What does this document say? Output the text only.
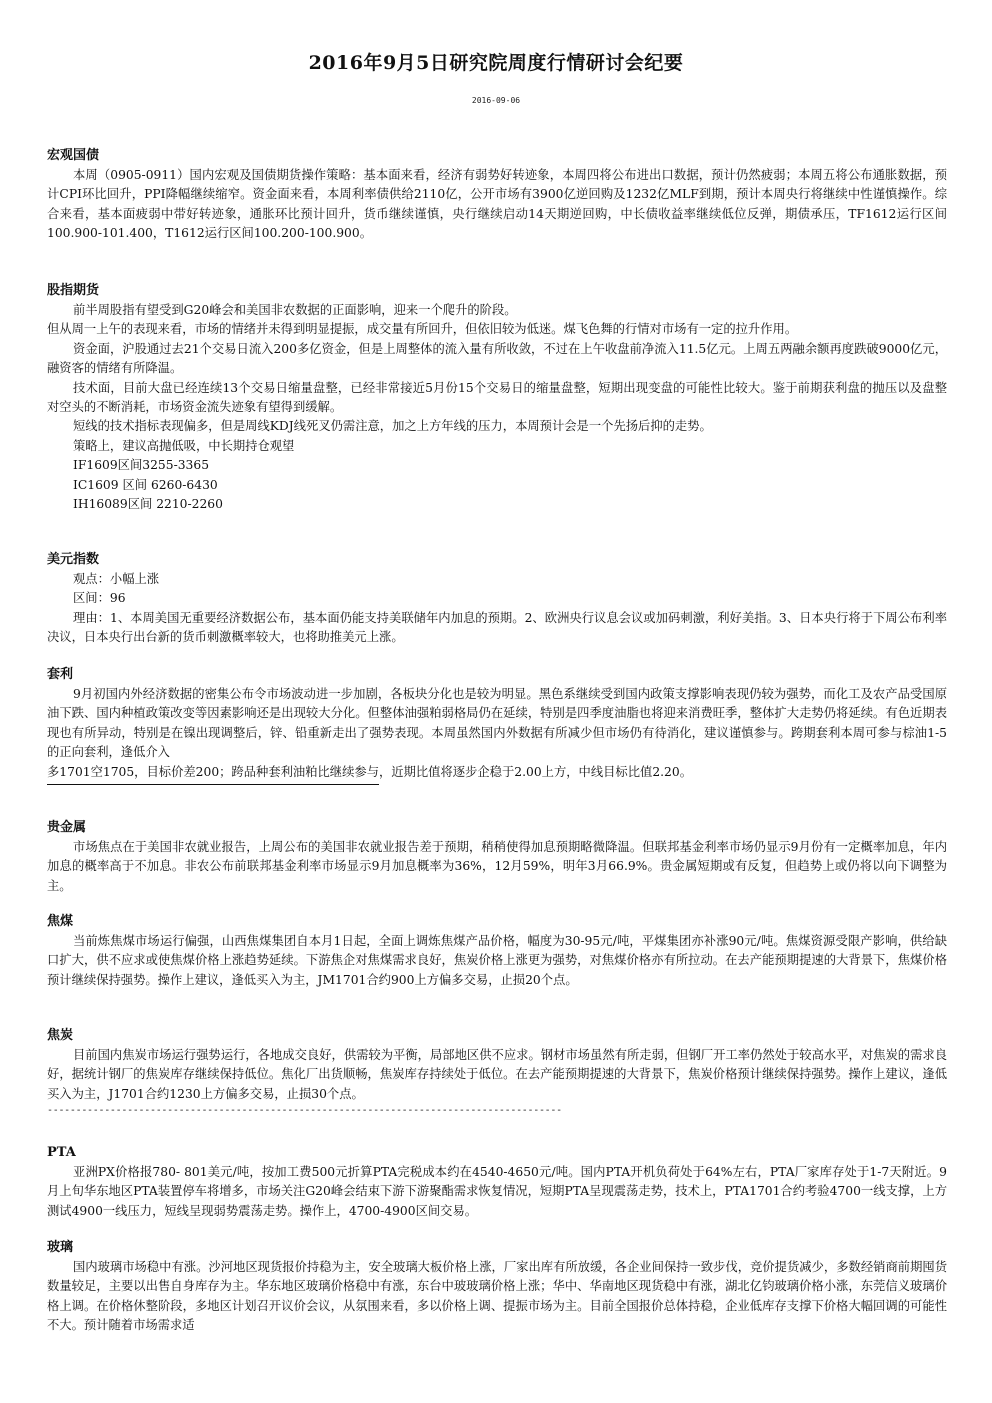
2016年9月5日研究院周度行情研讨会纪要
2016-09-06

宏观国债

本周（0905-0911）国内宏观及国债期货操作策略：基本面来看，经济有弱势好转迹象，本周四将公布进出口数据，预计仍然疲弱；本周五将公布通胀数据，预计CPI环比回升，PPI降幅继续缩窄。资金面来看，本周利率债供给2110亿，公开市场有3900亿逆回购及1232亿MLF到期，预计本周央行将继续中性谨慎操作。综合来看，基本面疲弱中带好转迹象，通胀环比预计回升，货币继续谨慎，央行继续启动14天期逆回购，中长债收益率继续低位反弹，期债承压，TF1612运行区间100.900-101.400，T1612运行区间100.200-100.900。

股指期货

前半周股指有望受到G20峰会和美国非农数据的正面影响，迎来一个爬升的阶段。

但从周一上午的表现来看，市场的情绪并未得到明显提振，成交量有所回升，但依旧较为低迷。煤飞色舞的行情对市场有一定的拉升作用。

资金面，沪股通过去21个交易日流入200多亿资金，但是上周整体的流入量有所收敛，不过在上午收盘前净流入11.5亿元。上周五两融余额再度跌破9000亿元，融资客的情绪有所降温。

技术面，目前大盘已经连续13个交易日缩量盘整，已经非常接近5月份15个交易日的缩量盘整，短期出现变盘的可能性比较大。鉴于前期获利盘的抛压以及盘整对空头的不断消耗，市场资金流失迹象有望得到缓解。

短线的技术指标表现偏多，但是周线KDJ线死叉仍需注意，加之上方年线的压力，本周预计会是一个先扬后抑的走势。

策略上，建议高抛低吸，中长期持仓观望

IF1609区间3255-3365

IC1609 区间 6260-6430

IH16089区间 2210-2260

美元指数

观点：小幅上涨

区间：96

理由：1、本周美国无重要经济数据公布，基本面仍能支持美联储年内加息的预期。2、欧洲央行议息会议或加码刺激，利好美指。3、日本央行将于下周公布利率决议，日本央行出台新的货币刺激概率较大，也将助推美元上涨。

套利

9月初国内外经济数据的密集公布令市场波动进一步加剧，各板块分化也是较为明显。黑色系继续受到国内政策支撑影响表现仍较为强势，而化工及农产品受国原油下跌、国内种植政策改变等因素影响还是出现较大分化。但整体油强粕弱格局仍在延续，特别是四季度油脂也将迎来消费旺季，整体扩大走势仍将延续。有色近期表现也有所异动，特别是在镍出现调整后，锌、铅重新走出了强势表现。本周虽然国内外数据有所减少但市场仍有待消化，建议谨慎参与。跨期套利本周可参与棕油1-5的正向套利，逢低介入

多1701空1705，目标价差200；跨品种套利油粕比继续参与，近期比值将逐步企稳于2.00上方，中线目标比值2.20。

贵金属

市场焦点在于美国非农就业报告，上周公布的美国非农就业报告差于预期，稍稍使得加息预期略微降温。但联邦基金利率市场仍显示9月份有一定概率加息，年内加息的概率高于不加息。非农公布前联邦基金利率市场显示9月加息概率为36%，12月59%，明年3月66.9%。贵金属短期或有反复，但趋势上或仍将以向下调整为主。

焦煤

当前炼焦煤市场运行偏强，山西焦煤集团自本月1日起，全面上调炼焦煤产品价格，幅度为30-95元/吨，平煤集团亦补涨90元/吨。焦煤资源受限产影响，供给缺口扩大，供不应求或使焦煤价格上涨趋势延续。下游焦企对焦煤需求良好，焦炭价格上涨更为强势，对焦煤价格亦有所拉动。在去产能预期提速的大背景下，焦煤价格预计继续保持强势。操作上建议，逢低买入为主，JM1701合约900上方偏多交易，止损20个点。

焦炭

目前国内焦炭市场运行强势运行，各地成交良好，供需较为平衡，局部地区供不应求。钢材市场虽然有所走弱，但钢厂开工率仍然处于较高水平，对焦炭的需求良好，据统计钢厂的焦炭库存继续保持低位。焦化厂出货顺畅，焦炭库存持续处于低位。在去产能预期提速的大背景下，焦炭价格预计继续保持强势。操作上建议，逢低买入为主，J1701合约1230上方偏多交易，止损30个点。

------------------------------------------------------------------------------------------

PTA

亚洲PX价格报780- 801美元/吨，按加工费500元折算PTA完税成本约在4540-4650元/吨。国内PTA开机负荷处于64%左右，PTA厂家库存处于1-7天附近。9月上旬华东地区PTA装置停车将增多，市场关注G20峰会结束下游下游聚酯需求恢复情况，短期PTA呈现震荡走势，技术上，PTA1701合约考验4700一线支撑，上方测试4900一线压力，短线呈现弱势震荡走势。操作上，4700-4900区间交易。

玻璃

国内玻璃市场稳中有涨。沙河地区现货报价持稳为主，安全玻璃大板价格上涨，厂家出库有所放缓，各企业间保持一致步伐，竞价提货减少，多数经销商前期囤货数量较足，主要以出售自身库存为主。华东地区玻璃价格稳中有涨，东台中玻玻璃价格上涨；华中、华南地区现货稳中有涨，湖北亿钧玻璃价格小涨，东莞信义玻璃价格上调。在价格休整阶段，多地区计划召开议价会议，从氛围来看，多以价格上调、提振市场为主。目前全国报价总体持稳，企业低库存支撑下价格大幅回调的可能性不大。预计随着市场需求适
